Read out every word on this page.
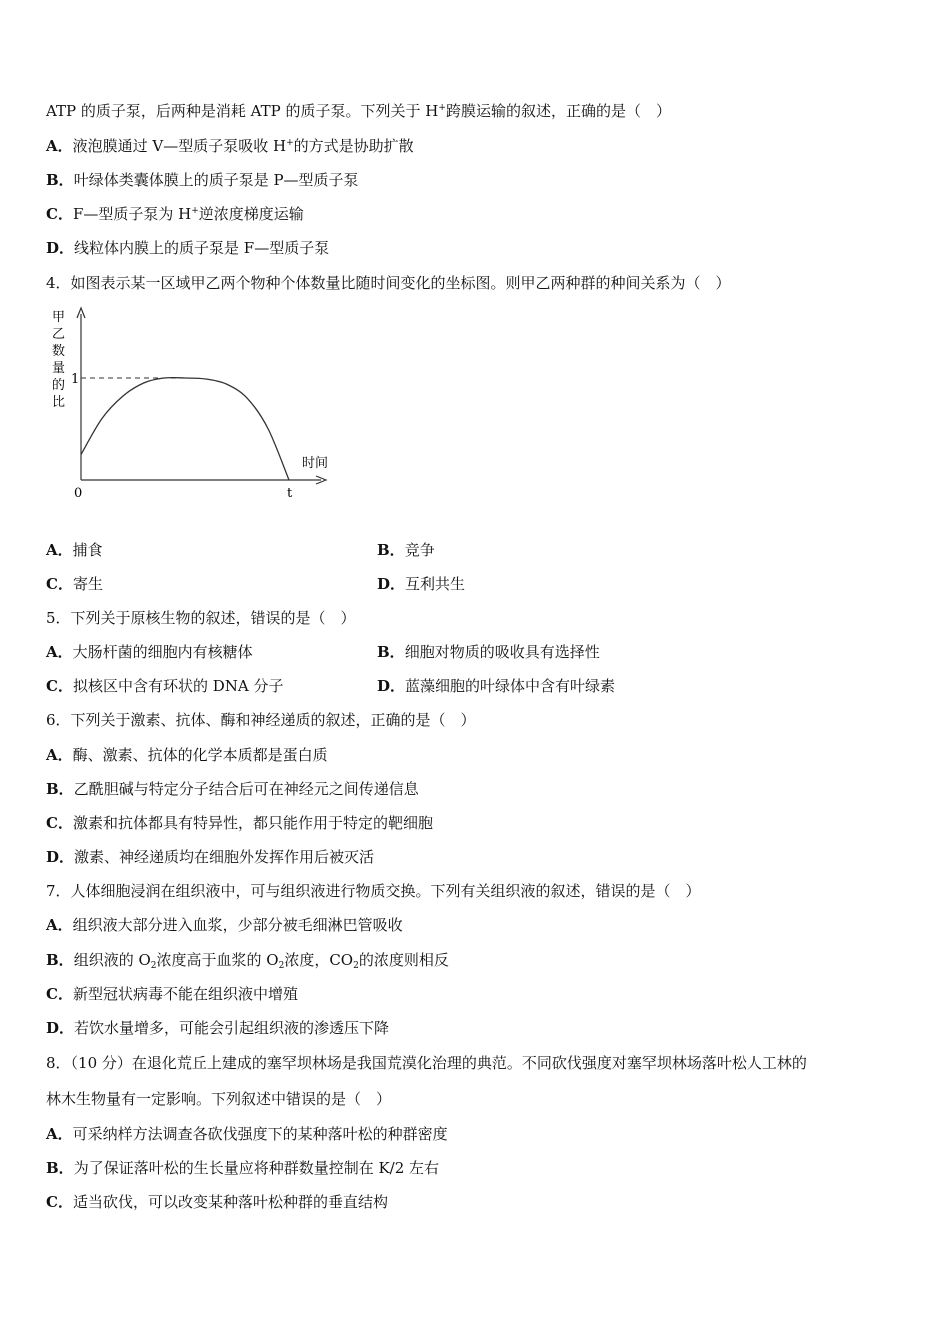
ATP 的质子泵，后两种是消耗 ATP 的质子泵。下列关于 H+跨膜运输的叙述，正确的是（　）
A．液泡膜通过 V—型质子泵吸收 H+的方式是协助扩散
B．叶绿体类囊体膜上的质子泵是 P—型质子泵
C．F—型质子泵为 H+逆浓度梯度运输
D．线粒体内膜上的质子泵是 F—型质子泵
4．如图表示某一区域甲乙两个物种个体数量比随时间变化的坐标图。则甲乙两种群的种间关系为（　）
甲
乙
数
量
的
比
1
0	t
时间
A．捕食	B．竞争
C．寄生	D．互利共生
5．下列关于原核生物的叙述，错误的是（　）
A．大肠杆菌的细胞内有核糖体	B．细胞对物质的吸收具有选择性
C．拟核区中含有环状的 DNA 分子	D．蓝藻细胞的叶绿体中含有叶绿素
6．下列关于激素、抗体、酶和神经递质的叙述，正确的是（　）
A．酶、激素、抗体的化学本质都是蛋白质
B．乙酰胆碱与特定分子结合后可在神经元之间传递信息
C．激素和抗体都具有特异性，都只能作用于特定的靶细胞
D．激素、神经递质均在细胞外发挥作用后被灭活
7．人体细胞浸润在组织液中，可与组织液进行物质交换。下列有关组织液的叙述，错误的是（　）
A．组织液大部分进入血浆，少部分被毛细淋巴管吸收
B．组织液的 $O_2$浓度高于血浆的 $O_2$浓度，$CO_2$的浓度则相反
C．新型冠状病毒不能在组织液中增殖
D．若饮水量增多，可能会引起组织液的渗透压下降
8．（10 分）在退化荒丘上建成的塞罕坝林场是我国荒漠化治理的典范。不同砍伐强度对塞罕坝林场落叶松人工林的
林木生物量有一定影响。下列叙述中错误的是（　）
A．可采纳样方法调查各砍伐强度下的某种落叶松的种群密度
B．为了保证落叶松的生长量应将种群数量控制在 K/2 左右
C．适当砍伐，可以改变某种落叶松种群的垂直结构
